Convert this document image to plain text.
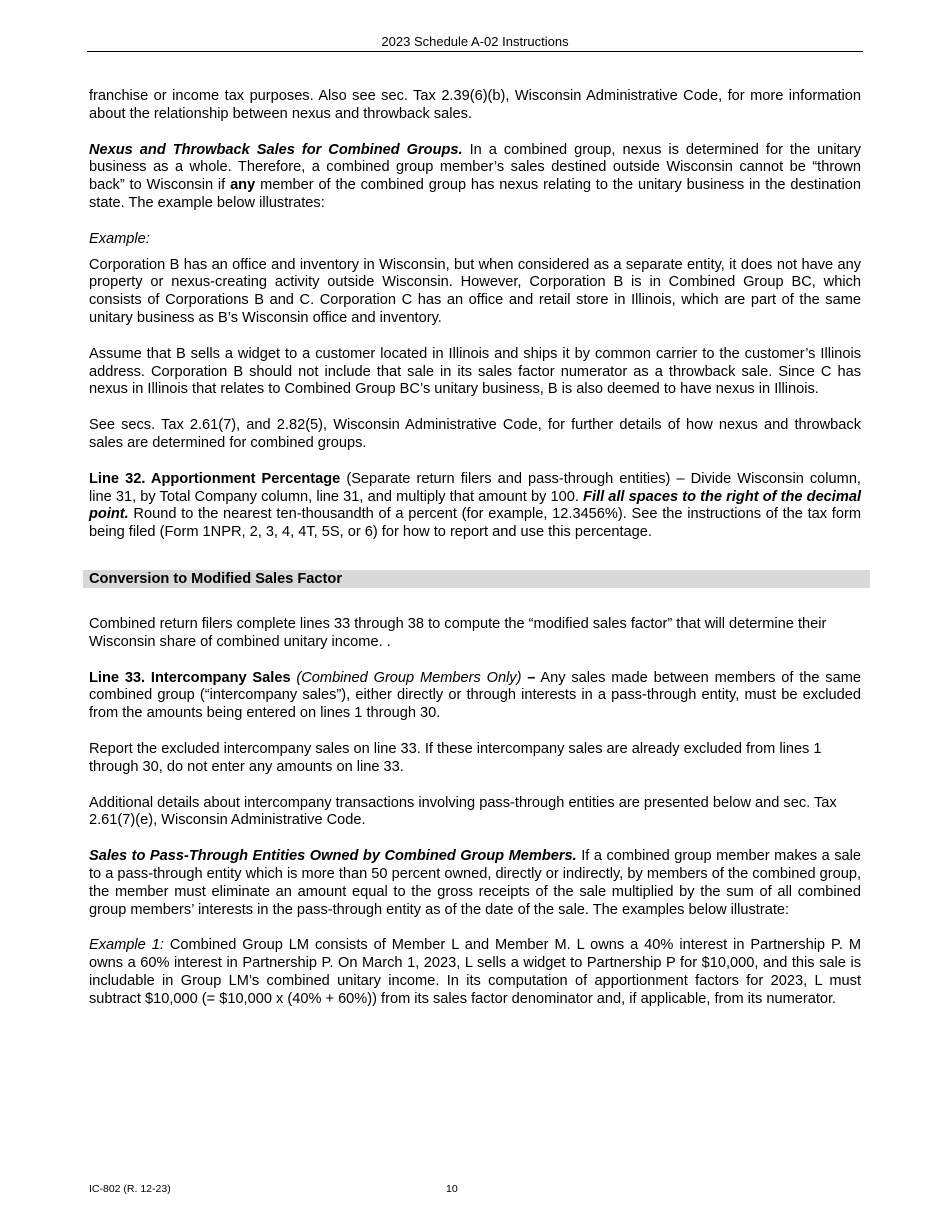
2023 Schedule A-02 Instructions

franchise or income tax purposes. Also see sec. Tax 2.39(6)(b), Wisconsin Administrative Code, for more information about the relationship between nexus and throwback sales.

Nexus and Throwback Sales for Combined Groups. In a combined group, nexus is determined for the unitary business as a whole. Therefore, a combined group member’s sales destined outside Wisconsin cannot be “thrown back” to Wisconsin if any member of the combined group has nexus relating to the unitary business in the destination state. The example below illustrates:

Example:

Corporation B has an office and inventory in Wisconsin, but when considered as a separate entity, it does not have any property or nexus-creating activity outside Wisconsin. However, Corporation B is in Combined Group BC, which consists of Corporations B and C. Corporation C has an office and retail store in Illinois, which are part of the same unitary business as B’s Wisconsin office and inventory.

Assume that B sells a widget to a customer located in Illinois and ships it by common carrier to the customer’s Illinois address. Corporation B should not include that sale in its sales factor numerator as a throwback sale. Since C has nexus in Illinois that relates to Combined Group BC’s unitary business, B is also deemed to have nexus in Illinois.

See secs. Tax 2.61(7), and 2.82(5), Wisconsin Administrative Code, for further details of how nexus and throwback sales are determined for combined groups.

Line 32. Apportionment Percentage (Separate return filers and pass-through entities) – Divide Wisconsin column, line 31, by Total Company column, line 31, and multiply that amount by 100. Fill all spaces to the right of the decimal point. Round to the nearest ten-thousandth of a percent (for example, 12.3456%). See the instructions of the tax form being filed (Form 1NPR, 2, 3, 4, 4T, 5S, or 6) for how to report and use this percentage.

Conversion to Modified Sales Factor

Combined return filers complete lines 33 through 38 to compute the “modified sales factor” that will determine their Wisconsin share of combined unitary income. .

Line 33. Intercompany Sales (Combined Group Members Only) – Any sales made between members of the same combined group (“intercompany sales”), either directly or through interests in a pass-through entity, must be excluded from the amounts being entered on lines 1 through 30.

Report the excluded intercompany sales on line 33. If these intercompany sales are already excluded from lines 1 through 30, do not enter any amounts on line 33.

Additional details about intercompany transactions involving pass-through entities are presented below and sec. Tax 2.61(7)(e), Wisconsin Administrative Code.

Sales to Pass-Through Entities Owned by Combined Group Members. If a combined group member makes a sale to a pass-through entity which is more than 50 percent owned, directly or indirectly, by members of the combined group, the member must eliminate an amount equal to the gross receipts of the sale multiplied by the sum of all combined group members’ interests in the pass-through entity as of the date of the sale. The examples below illustrate:

Example 1: Combined Group LM consists of Member L and Member M. L owns a 40% interest in Partnership P. M owns a 60% interest in Partnership P. On March 1, 2023, L sells a widget to Partnership P for $10,000, and this sale is includable in Group LM’s combined unitary income. In its computation of apportionment factors for 2023, L must subtract $10,000 (= $10,000 x (40% + 60%)) from its sales factor denominator and, if applicable, from its numerator.

IC-802 (R. 12-23)	10
